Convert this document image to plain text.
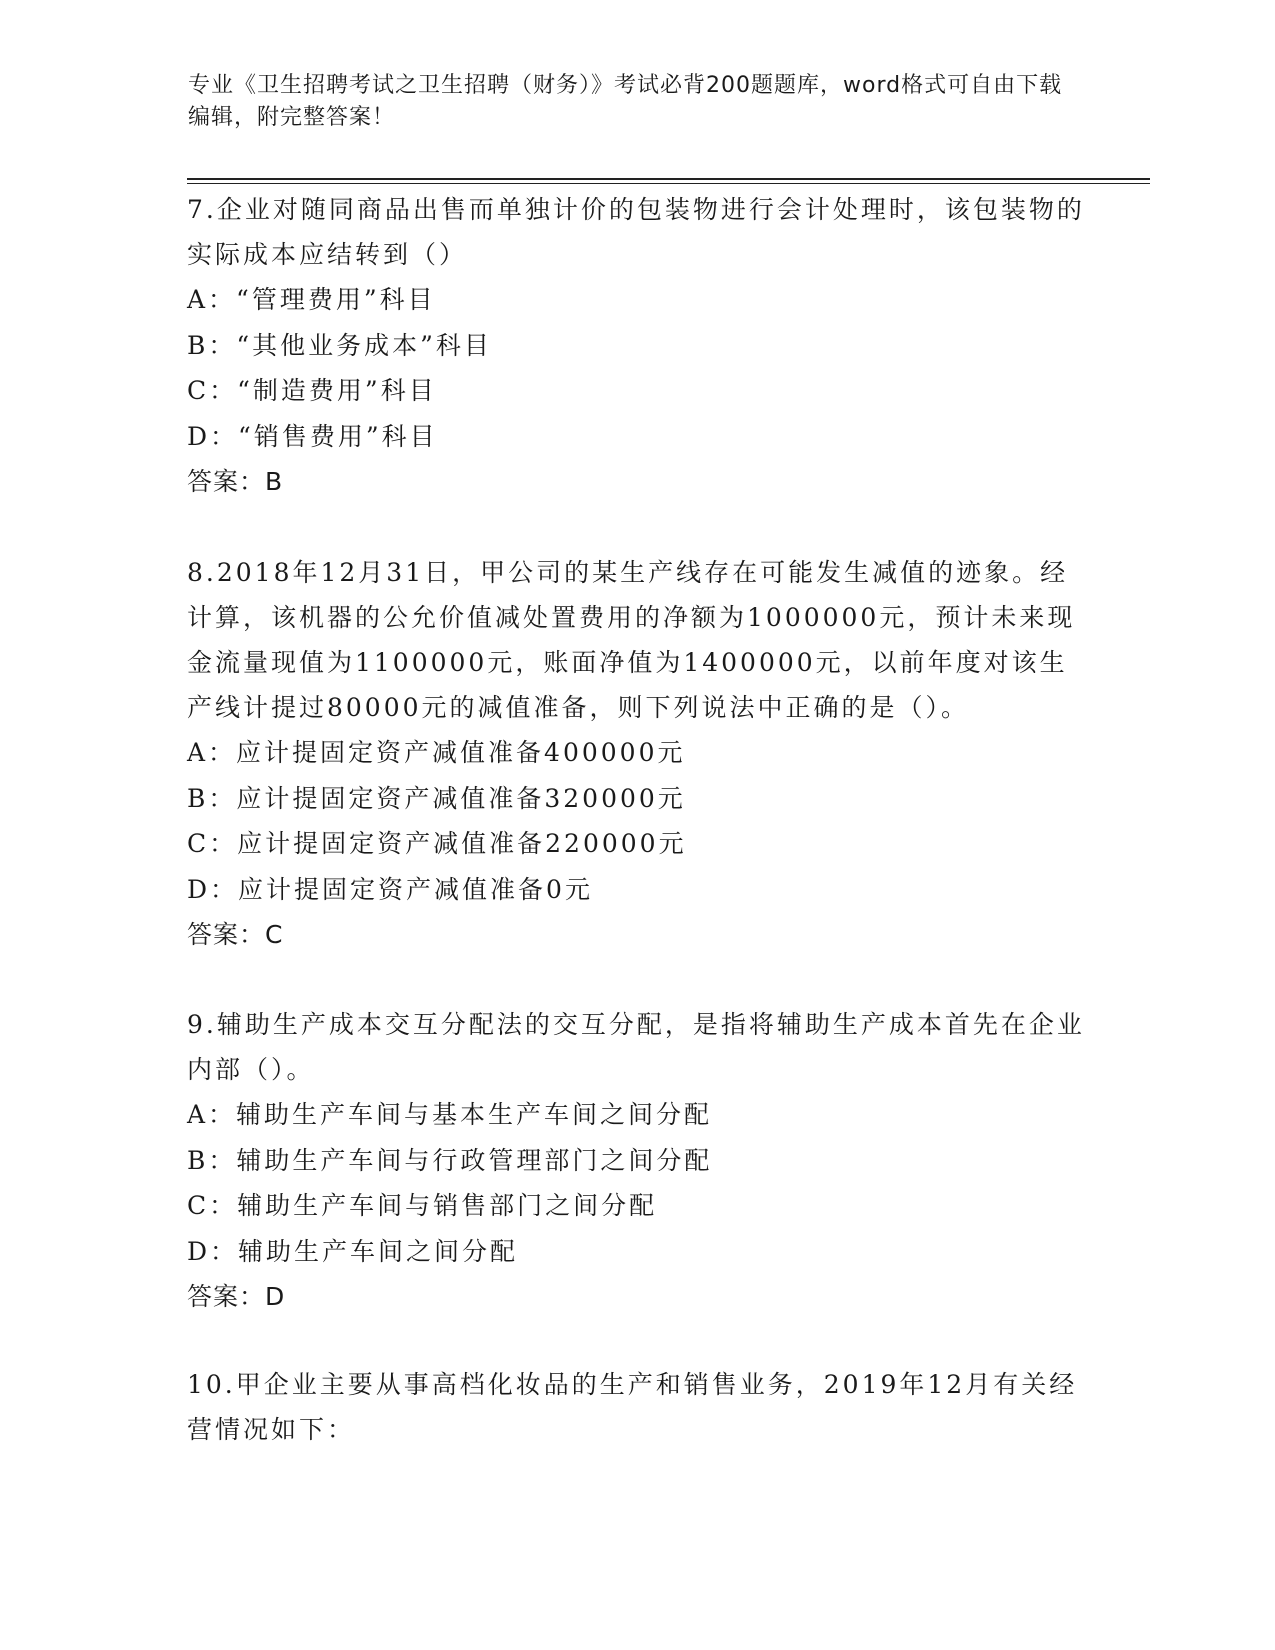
专业《卫生招聘考试之卫生招聘（财务）》考试必背200题题库，word格式可自由下载编辑，附完整答案！
7.企业对随同商品出售而单独计价的包装物进行会计处理时，该包装物的实际成本应结转到（）
A：“管理费用”科目
B：“其他业务成本”科目
C：“制造费用”科目
D：“销售费用”科目
答案：B
8.2018年12月31日，甲公司的某生产线存在可能发生减值的迹象。经计算，该机器的公允价值减处置费用的净额为1000000元，预计未来现金流量现值为1100000元，账面净值为1400000元，以前年度对该生产线计提过80000元的减值准备，则下列说法中正确的是（）。
A：应计提固定资产减值准备400000元
B：应计提固定资产减值准备320000元
C：应计提固定资产减值准备220000元
D：应计提固定资产减值准备0元
答案：C
9.辅助生产成本交互分配法的交互分配，是指将辅助生产成本首先在企业内部（）。
A：辅助生产车间与基本生产车间之间分配
B：辅助生产车间与行政管理部门之间分配
C：辅助生产车间与销售部门之间分配
D：辅助生产车间之间分配
答案：D
10.甲企业主要从事高档化妆品的生产和销售业务，2019年12月有关经营情况如下：
